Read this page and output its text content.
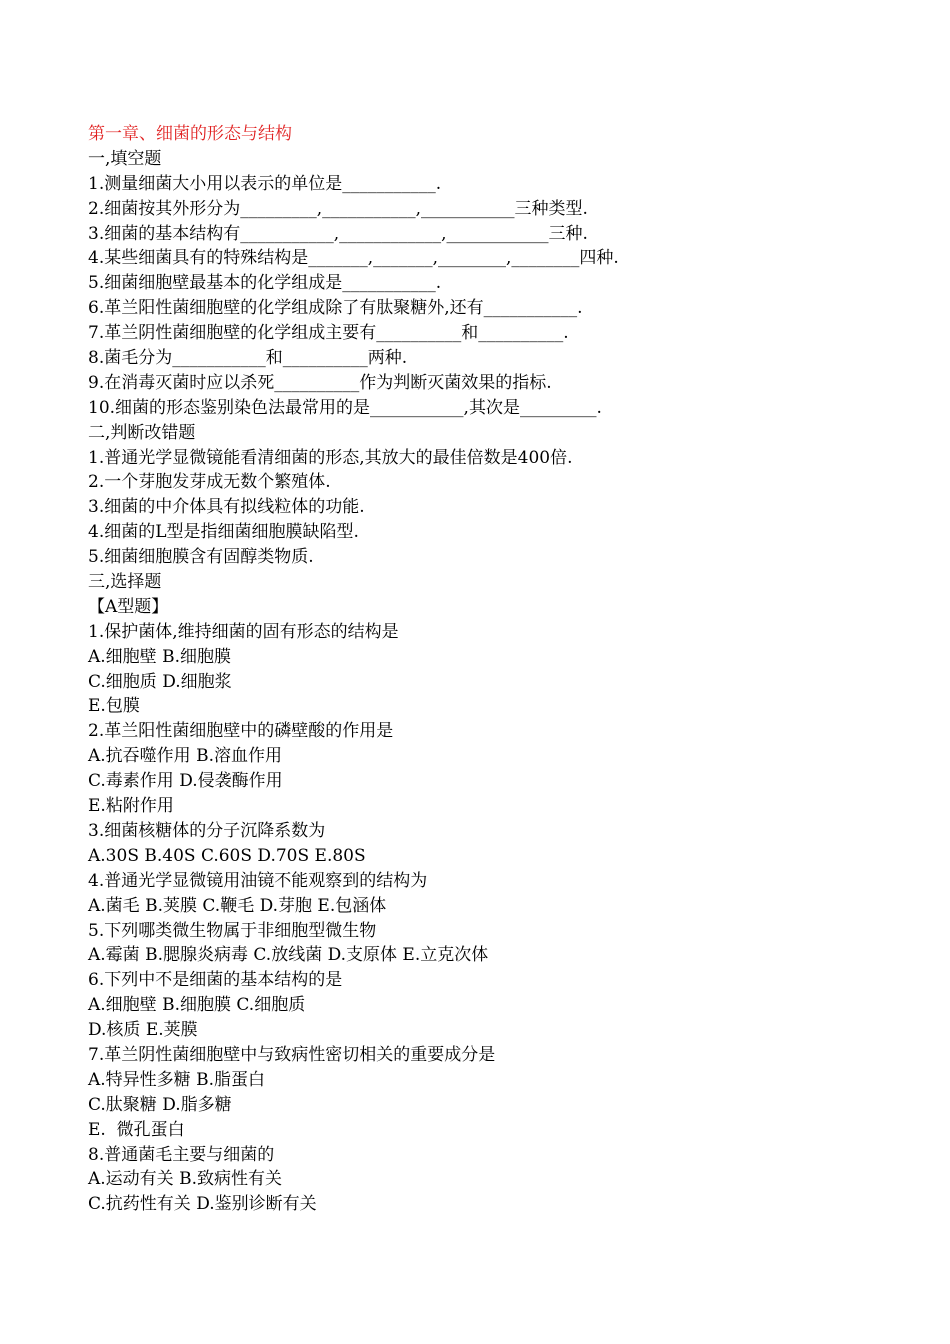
第一章、细菌的形态与结构
一,填空题
1.测量细菌大小用以表示的单位是___________.
2.细菌按其外形分为_________,___________,___________三种类型.
3.细菌的基本结构有___________,____________,____________三种.
4.某些细菌具有的特殊结构是_______,_______,________,________四种.
5.细菌细胞壁最基本的化学组成是___________.
6.革兰阳性菌细胞壁的化学组成除了有肽聚糖外,还有___________.
7.革兰阴性菌细胞壁的化学组成主要有__________和__________.
8.菌毛分为___________和__________两种.
9.在消毒灭菌时应以杀死__________作为判断灭菌效果的指标.
10.细菌的形态鉴别染色法最常用的是___________,其次是_________.
二,判断改错题
1.普通光学显微镜能看清细菌的形态,其放大的最佳倍数是400倍.
2.一个芽胞发芽成无数个繁殖体.
3.细菌的中介体具有拟线粒体的功能.
4.细菌的L型是指细菌细胞膜缺陷型.
5.细菌细胞膜含有固醇类物质.
三,选择题
【A型题】
1.保护菌体,维持细菌的固有形态的结构是
A.细胞壁 B.细胞膜
C.细胞质 D.细胞浆
E.包膜
2.革兰阳性菌细胞壁中的磷壁酸的作用是
A.抗吞噬作用 B.溶血作用
C.毒素作用 D.侵袭酶作用
E.粘附作用
3.细菌核糖体的分子沉降系数为
A.30S B.40S C.60S D.70S E.80S
4.普通光学显微镜用油镜不能观察到的结构为
A.菌毛 B.荚膜 C.鞭毛 D.芽胞 E.包涵体
5.下列哪类微生物属于非细胞型微生物
A.霉菌 B.腮腺炎病毒 C.放线菌 D.支原体 E.立克次体
6.下列中不是细菌的基本结构的是
A.细胞壁 B.细胞膜 C.细胞质
D.核质 E.荚膜
7.革兰阴性菌细胞壁中与致病性密切相关的重要成分是
A.特异性多糖 B.脂蛋白
C.肽聚糖 D.脂多糖
E.  微孔蛋白
8.普通菌毛主要与细菌的
A.运动有关 B.致病性有关
C.抗药性有关 D.鉴别诊断有关
